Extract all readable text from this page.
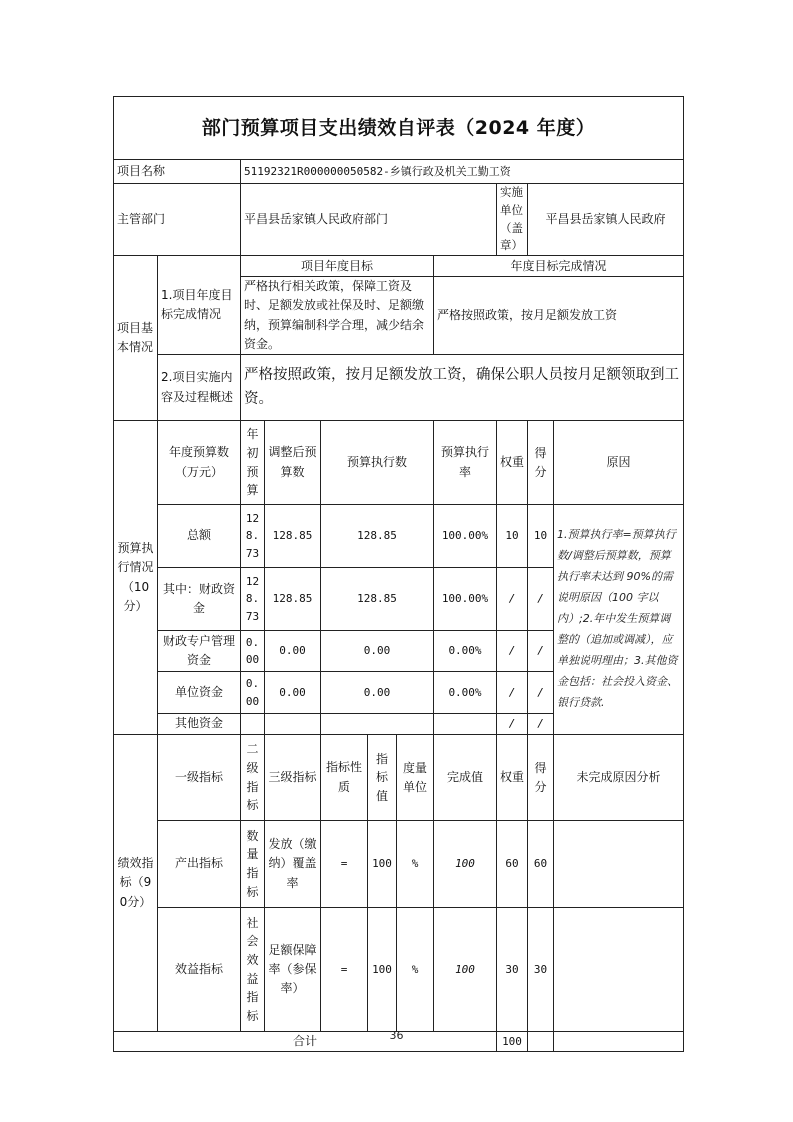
部门预算项目支出绩效自评表（2024 年度）										
项目名称		51192321R000000050582-乡镇行政及机关工勤工资								
主管部门		平昌县岳家镇人民政府部门						实施单位（盖章）	平昌县岳家镇人民政府	
项目基本情况	1.项目年度目标完成情况	项目年度目标					年度目标完成情况			
		严格执行相关政策，保障工资及时、足额发放或社保及时、足额缴纳，预算编制科学合理，减少结余资金。					严格按照政策，按月足额发放工资			
	2.项目实施内容及过程概述	严格按照政策，按月足额发放工资，确保公职人员按月足额领取到工资。								
预算执行情况（10分）	年度预算数（万元）	年初预算	调整后预算数	预算执行数			预算执行率	权重	得分	原因
	总额	128.73	128.85	128.85			100.00%	10	10	1.预算执行率=预算执行数/调整后预算数，预算执行率未达到 90%的需说明原因（100 字以内）;2.年中发生预算调整的（追加或调减），应单独说明理由；3.其他资金包括：社会投入资金、银行贷款.
	其中：财政资金	128.73	128.85	128.85			100.00%	/	/	
	财政专户管理资金	0.00	0.00	0.00			0.00%	/	/	
	单位资金	0.00	0.00	0.00			0.00%	/	/	
	其他资金							/	/	
绩效指标（90分）	一级指标	二级指标	三级指标	指标性质	指标值	度量单位	完成值	权重	得分	未完成原因分析
	产出指标	数量指标	发放（缴纳）覆盖率	=	100	%	100	60	60	
	效益指标	社会效益指标	足额保障率（参保率）	=	100	%	100	30	30	
合计								100		
36
